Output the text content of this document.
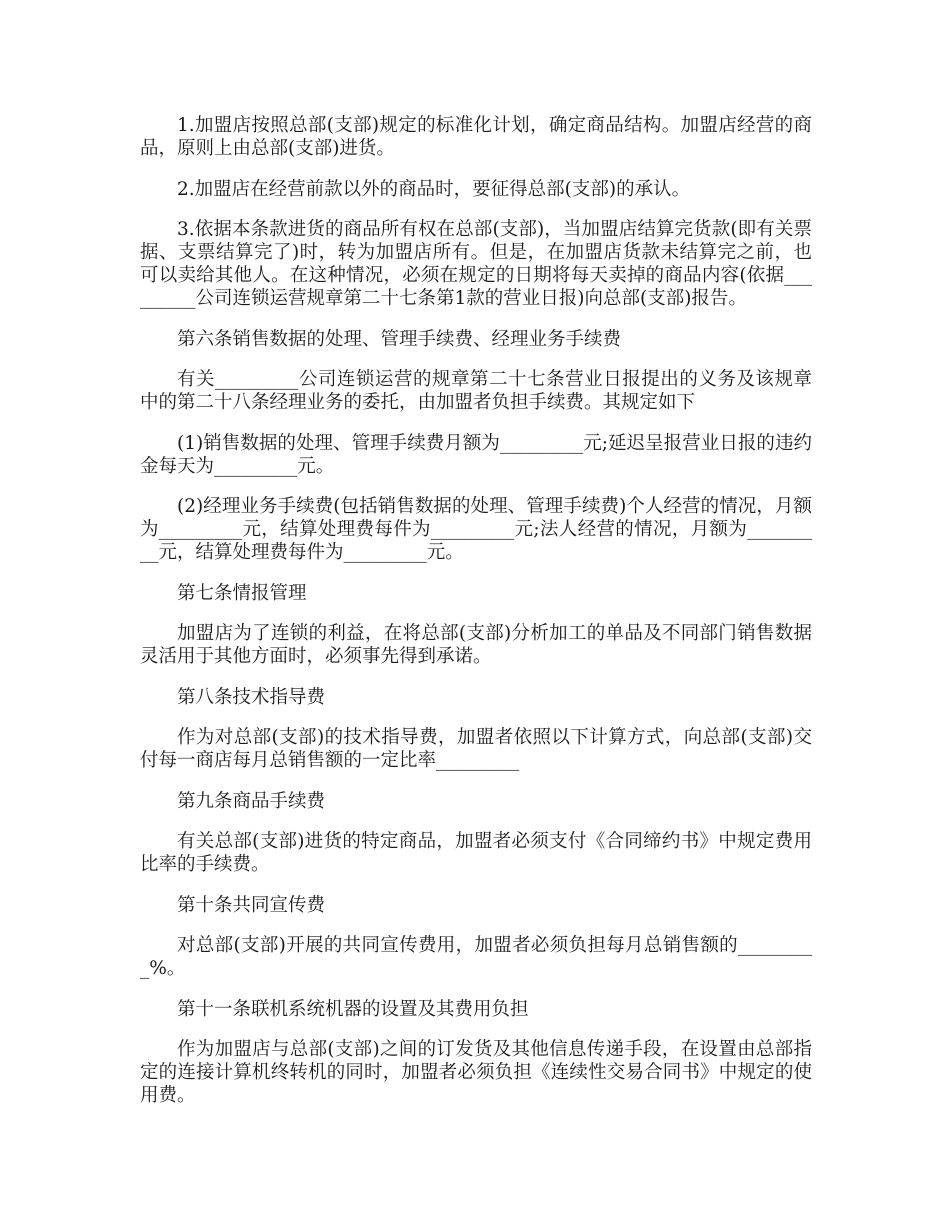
1.加盟店按照总部(支部)规定的标准化计划，确定商品结构。加盟店经营的商品，原则上由总部(支部)进货。

2.加盟店在经营前款以外的商品时，要征得总部(支部)的承认。

3.依据本条款进货的商品所有权在总部(支部)，当加盟店结算完货款(即有关票据、支票结算完了)时，转为加盟店所有。但是，在加盟店货款未结算完之前，也可以卖给其他人。在这种情况，必须在规定的日期将每天卖掉的商品内容(依据_________公司连锁运营规章第二十七条第1款的营业日报)向总部(支部)报告。

第六条销售数据的处理、管理手续费、经理业务手续费

有关_________公司连锁运营的规章第二十七条营业日报提出的义务及该规章中的第二十八条经理业务的委托，由加盟者负担手续费。其规定如下

(1)销售数据的处理、管理手续费月额为_________元;延迟呈报营业日报的违约金每天为_________元。

(2)经理业务手续费(包括销售数据的处理、管理手续费)个人经营的情况，月额为_________元，结算处理费每件为_________元;法人经营的情况，月额为_________元，结算处理费每件为_________元。

第七条情报管理

加盟店为了连锁的利益，在将总部(支部)分析加工的单品及不同部门销售数据灵活用于其他方面时，必须事先得到承诺。

第八条技术指导费

作为对总部(支部)的技术指导费，加盟者依照以下计算方式，向总部(支部)交付每一商店每月总销售额的一定比率_________

第九条商品手续费

有关总部(支部)进货的特定商品，加盟者必须支付《合同缔约书》中规定费用比率的手续费。

第十条共同宣传费

对总部(支部)开展的共同宣传费用，加盟者必须负担每月总销售额的_________%。

第十一条联机系统机器的设置及其费用负担

作为加盟店与总部(支部)之间的订发货及其他信息传递手段，在设置由总部指定的连接计算机终转机的同时，加盟者必须负担《连续性交易合同书》中规定的使用费。
